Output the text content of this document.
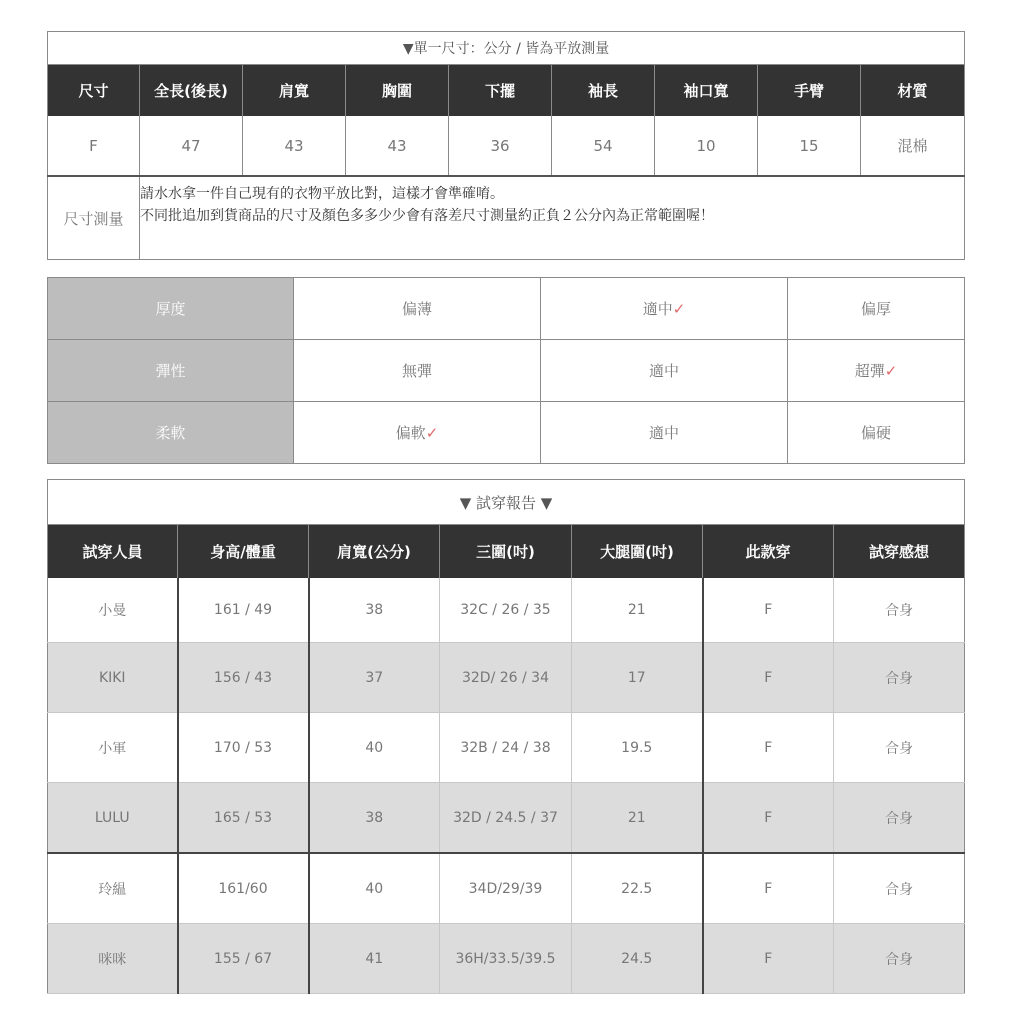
▼單一尺寸：公分 / 皆為平放測量								
尺寸	全長(後長)	肩寬	胸圍	下擺	袖長	袖口寬	手臂	材質
F	47	43	43	36	54	10	15	混棉
尺寸測量	請水水拿一件自己現有的衣物平放比對，這樣才會準確唷。
不同批追加到貨商品的尺寸及顏色多多少少會有落差尺寸測量約正負２公分內為正常範圍喔！							
厚度	偏薄	適中✓	偏厚
彈性	無彈	適中	超彈✓
柔軟	偏軟✓	適中	偏硬
▼ 試穿報告 ▼						
試穿人員	身高/體重	肩寬(公分)	三圍(吋)	大腿圍(吋)	此款穿	試穿感想
小曼	161 / 49	38	32C / 26 / 35	21	F	合身
KIKI	156 / 43	37	32D/ 26 / 34	17	F	合身
小軍	170 / 53	40	32B / 24 / 38	19.5	F	合身
LULU	165 / 53	38	32D / 24.5 / 37	21	F	合身
玲緼	161/60	40	34D/29/39	22.5	F	合身
咪咪	155 / 67	41	36H/33.5/39.5	24.5	F	合身
